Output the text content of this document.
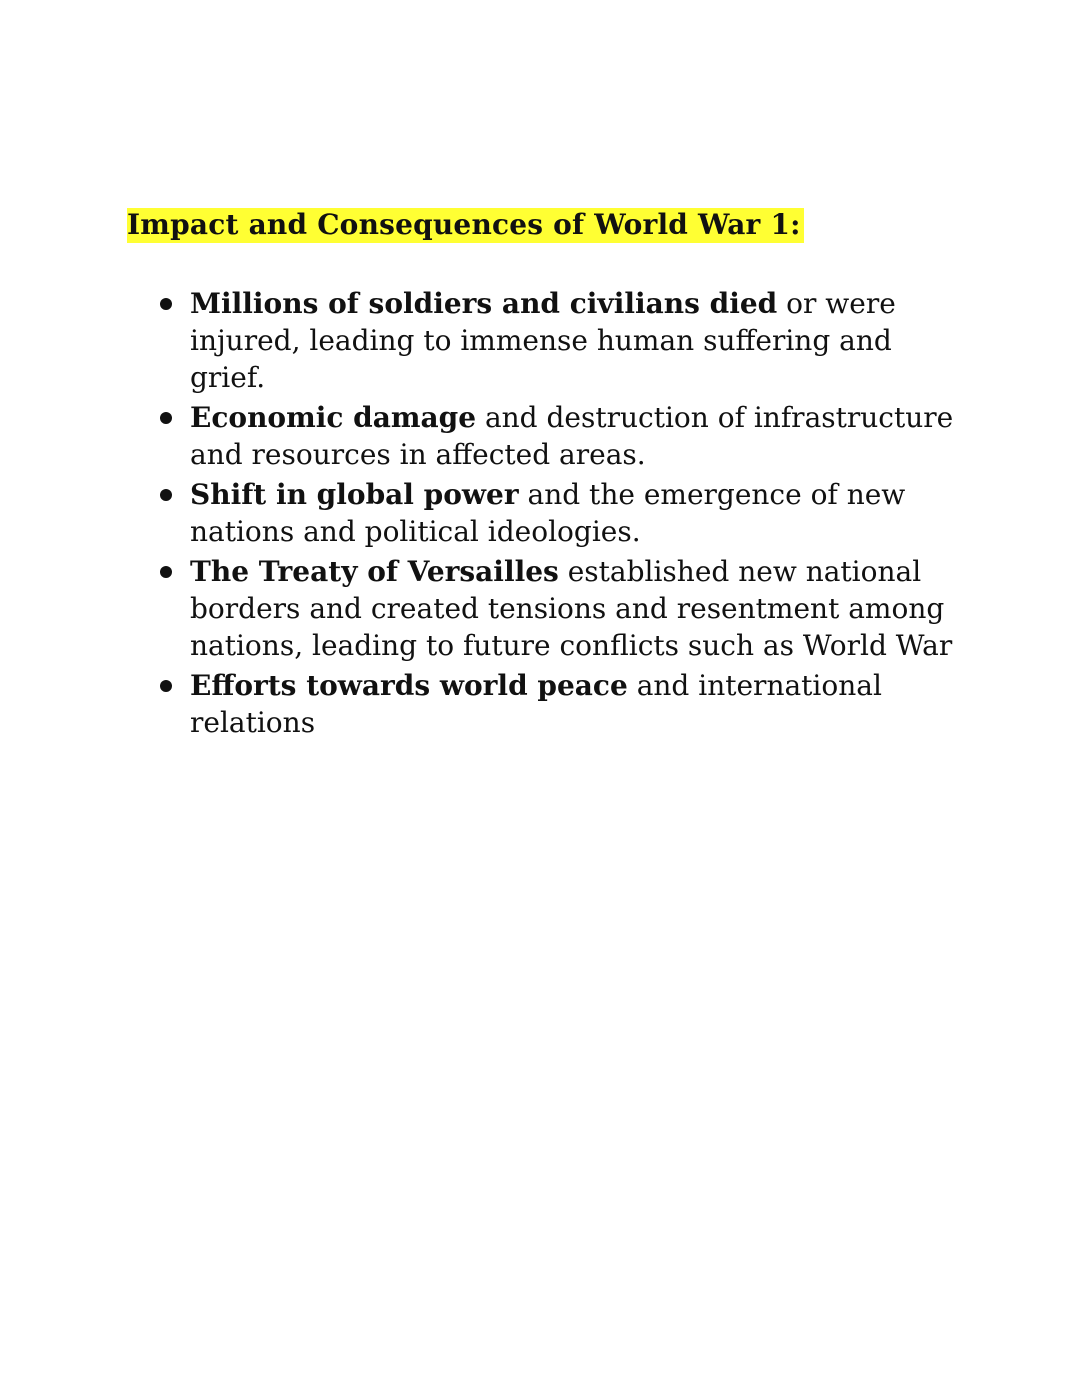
Impact and Consequences of World War 1:
Millions of soldiers and civilians died or were injured, leading to immense human suffering and grief.
Economic damage and destruction of infrastructure and resources in affected areas.
Shift in global power and the emergence of new nations and political ideologies.
The Treaty of Versailles established new national borders and created tensions and resentment among nations, leading to future conflicts such as World War
Efforts towards world peace and international relations
